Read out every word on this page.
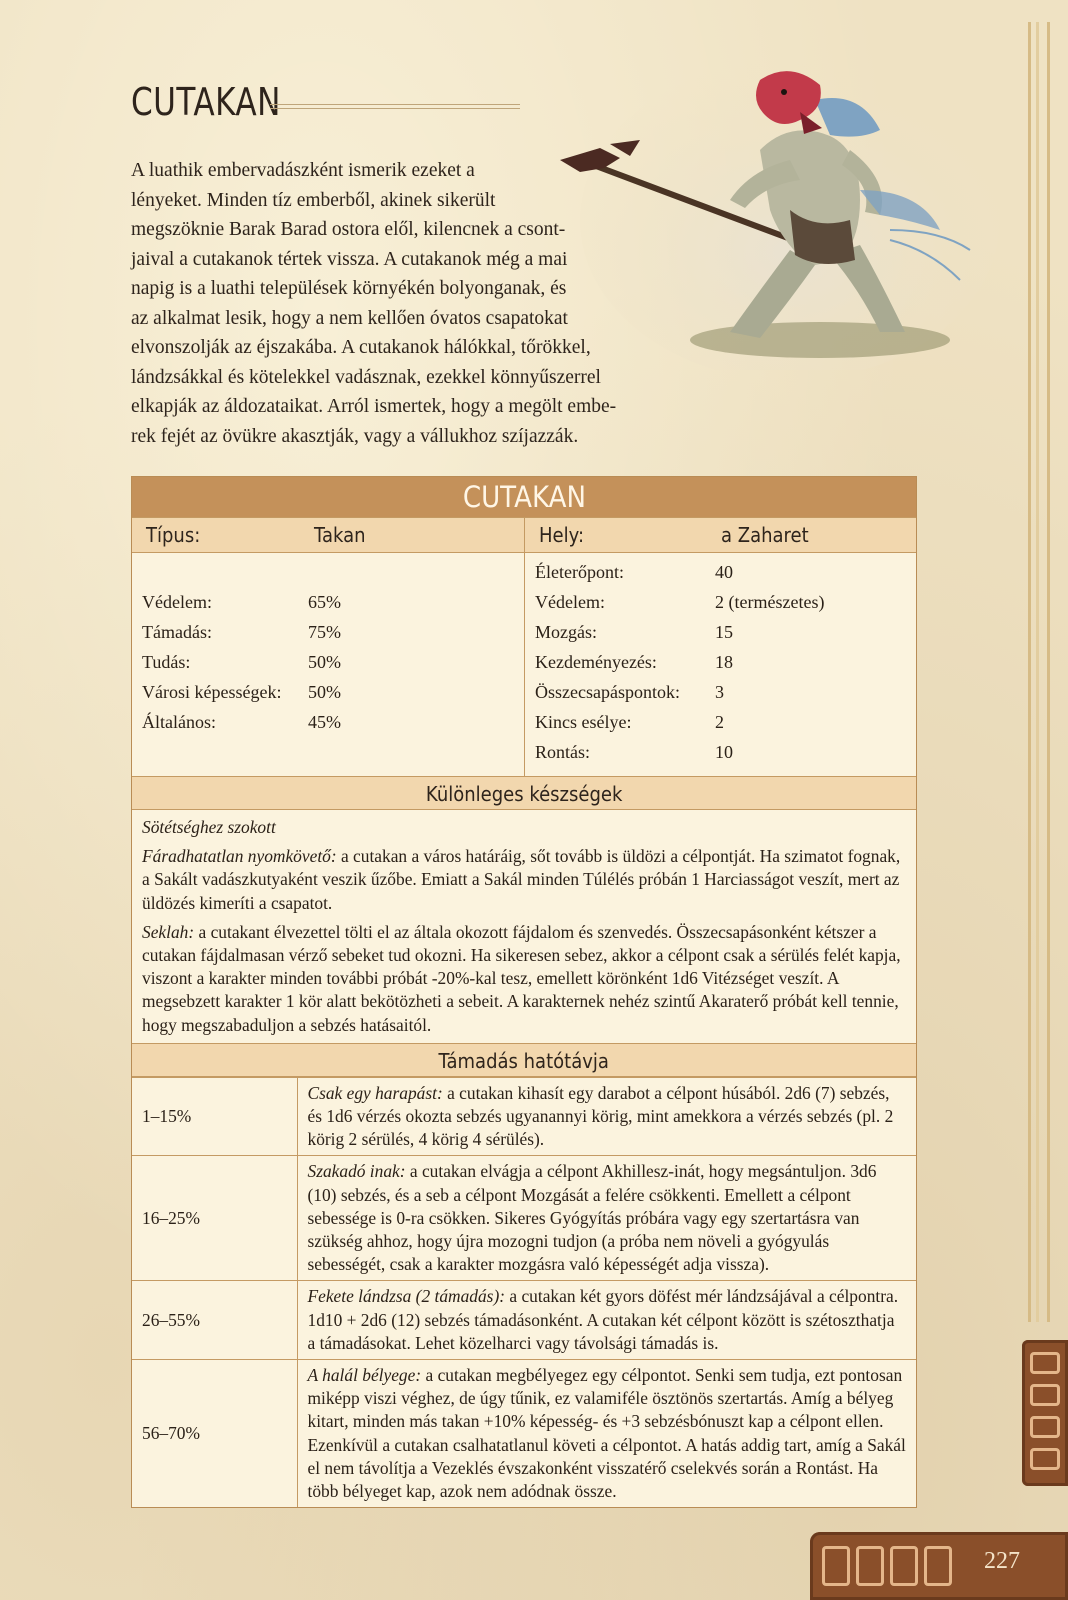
CUTAKAN

A luathik embervadászként ismerik ezeket a

lényeket. Minden tíz emberből, akinek sikerült

megszöknie Barak Barad ostora elől, kilencnek a csont-

jaival a cutakanok tértek vissza. A cutakanok még a mai

napig is a luathi települések környékén bolyonganak, és

az alkalmat lesik, hogy a nem kellően óvatos csapatokat

elvonszolják az éjszakába. A cutakanok hálókkal, tőrökkel,

lándzsákkal és kötelekkel vadásznak, ezekkel könnyűszerrel

elkapják az áldozataikat. Arról ismertek, hogy a megölt embe-

rek fejét az övükre akasztják, vagy a vállukhoz szíjazzák.

CUTAKAN
Típus:	Takan	Hely:	a Zaharet
Védelem:	65%
Támadás:	75%
Tudás:	50%
Városi képességek: 50%
Általános:	45%
Életerőpont:	40
Védelem:	2 (természetes)
Mozgás:	15
Kezdeményezés:	18
Összecsapáspontok: 3
Kincs esélye:	2
Rontás:	10
Különleges készségek

Sötétséghez szokott

Fáradhatatlan nyomkövető: a cutakan a város határáig, sőt tovább is üldözi a célpontját. Ha szimatot fognak, a Sakált vadászkutyaként veszik űzőbe. Emiatt a Sakál minden Túlélés próbán 1 Harciasságot veszít, mert az üldözés kimeríti a csapatot.

Seklah: a cutakant élvezettel tölti el az általa okozott fájdalom és szenvedés. Összecsapásonként kétszer a cutakan fájdalmasan vérző sebeket tud okozni. Ha sikeresen sebez, akkor a célpont csak a sérülés felét kapja, viszont a karakter minden további próbát -20%-kal tesz, emellett körönként 1d6 Vitézséget veszít. A megsebzett karakter 1 kör alatt bekötözheti a sebeit. A karakternek nehéz szintű Akaraterő próbát kell tennie, hogy megszabaduljon a sebzés hatásaitól.

Támadás hatótávja
1–15%	Csak egy harapást: a cutakan kihasít egy darabot a célpont húsából. 2d6 (7) sebzés, és 1d6 vérzés okozta sebzés ugyanannyi körig, mint amekkora a vérzés sebzés (pl. 2 körig 2 sérülés, 4 körig 4 sérülés).
16–25%	Szakadó inak: a cutakan elvágja a célpont Akhillesz-inát, hogy megsántuljon. 3d6 (10) sebzés, és a seb a célpont Mozgását a felére csökkenti. Emellett a célpont sebessége is 0-ra csökken. Sikeres Gyógyítás próbára vagy egy szertartásra van szükség ahhoz, hogy újra mozogni tudjon (a próba nem növeli a gyógyulás sebességét, csak a karakter mozgásra való képességét adja vissza).
26–55%	Fekete lándzsa (2 támadás): a cutakan két gyors döfést mér lándzsájával a célpontra. 1d10 + 2d6 (12) sebzés támadásonként. A cutakan két célpont között is szétoszthatja a támadásokat. Lehet közelharci vagy távolsági támadás is.
56–70%	A halál bélyege: a cutakan megbélyegez egy célpontot. Senki sem tudja, ezt pontosan miképp viszi véghez, de úgy tűnik, ez valamiféle ösztönös szertartás. Amíg a bélyeg kitart, minden más takan +10% képesség- és +3 sebzésbónuszt kap a célpont ellen. Ezenkívül a cutakan csalhatatlanul követi a célpontot. A hatás addig tart, amíg a Sakál el nem távolítja a Vezeklés évszakonként visszatérő cselekvés során a Rontást. Ha több bélyeget kap, azok nem adódnak össze.
227
